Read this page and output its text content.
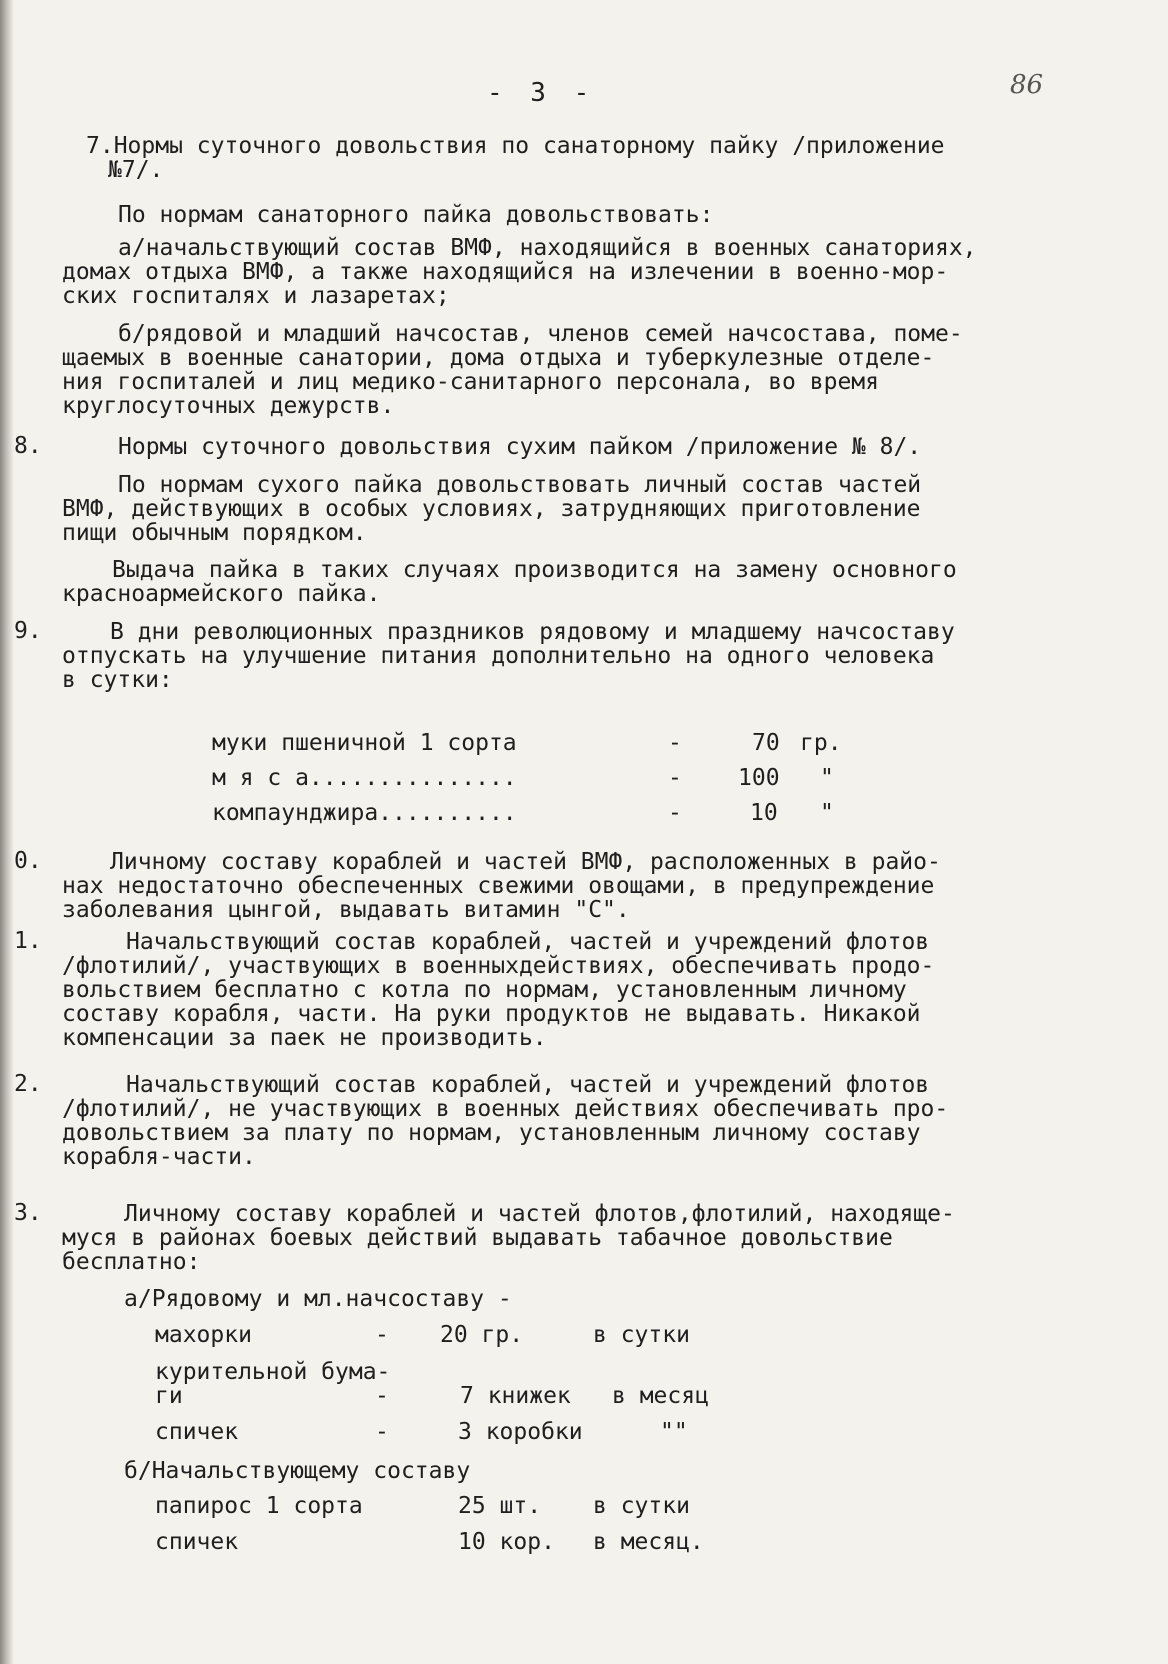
- 3 -	86
7.Нормы суточного довольствия по санаторному пайку /приложение
№7/.
По нормам санаторного пайка довольствовать:
а/начальствующий состав ВМФ, находящийся в военных санаториях,
домах отдыха ВМФ, а также находящийся на излечении в военно-мор-
ских госпиталях и лазаретах;
б/рядовой и младший начсостав, членов семей начсостава, поме-
щаемых в военные санатории, дома отдыха и туберкулезные отделе-
ния госпиталей и лиц медико-санитарного персонала, во время
круглосуточных дежурств.
8.	Нормы суточного довольствия сухим пайком /приложение № 8/.
По нормам сухого пайка довольствовать личный состав частей
ВМФ, действующих в особых условиях, затрудняющих приготовление
пищи обычным порядком.
Выдача пайка в таких случаях производится на замену основного
красноармейского пайка.
9.	В дни революционных праздников рядовому и младшему начсоставу
отпускать на улучшение питания дополнительно на одного человека
в сутки:
муки пшеничной 1 сорта	-	70 гр.
м я с а...............	- 100 "
компаунджира..........	-	10 "
0.	Личному составу кораблей и частей ВМФ, расположенных в райо-
нах недостаточно обеспеченных свежими овощами, в предупреждение
заболевания цынгой, выдавать витамин "С".
1.	Начальствующий состав кораблей, частей и учреждений флотов
/флотилий/, участвующих в военныхдействиях, обеспечивать продо-
вольствием бесплатно с котла по нормам, установленным личному
составу корабля, части. На руки продуктов не выдавать. Никакой
компенсации за паек не производить.
2.	Начальствующий состав кораблей, частей и учреждений флотов
/флотилий/, не участвующих в военных действиях обеспечивать про-
довольствием за плату по нормам, установленным личному составу
корабля-части.
3.	Личному составу кораблей и частей флотов,флотилий, находяще-
муся в районах боевых действий выдавать табачное довольствие
бесплатно:
а/Рядовому и мл.начсоставу -
махорки	- 20 гр.	в сутки
курительной бума-
ги	-	7 книжек в месяц
спичек	-	3 коробки	""
б/Начальствующему составу
папирос 1 сорта	25 шт. в сутки
спичек	10 кор. в месяц.
